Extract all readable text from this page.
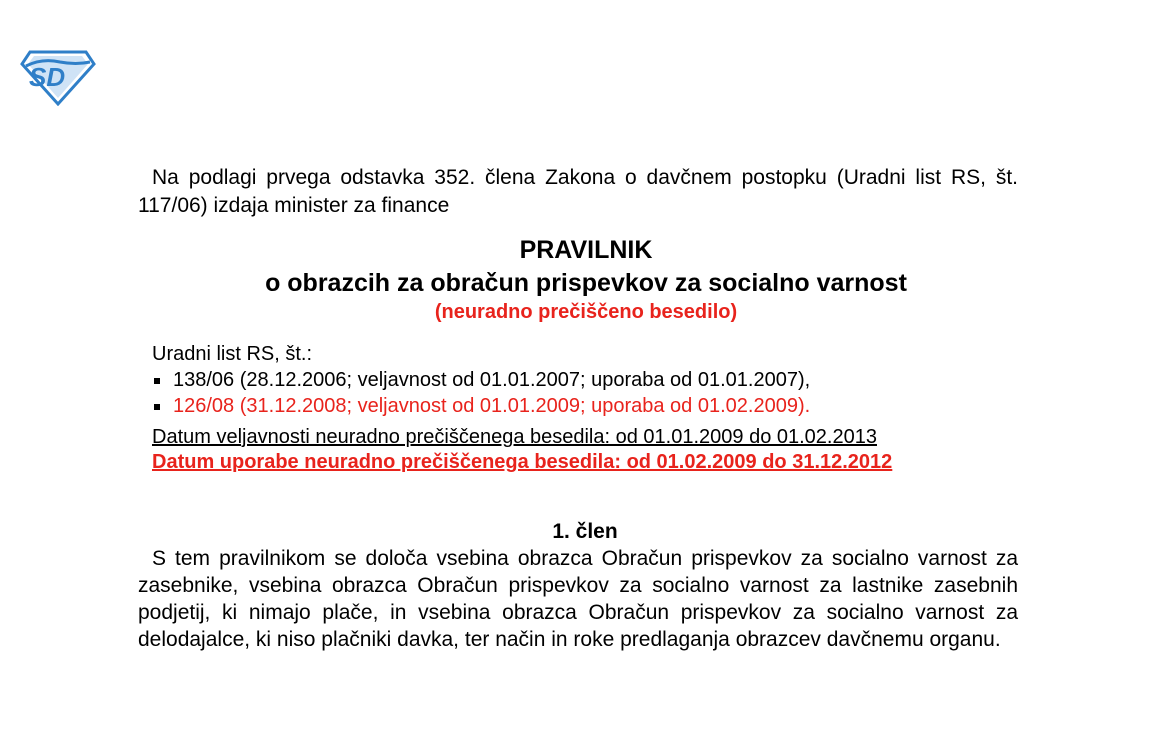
SD

Na podlagi prvega odstavka 352. člena Zakona o davčnem postopku (Uradni list RS, št. 117/06) izdaja minister za finance

PRAVILNIK

o obrazcih za obračun prispevkov za socialno varnost

(neuradno prečiščeno besedilo)

Uradni list RS, št.:
138/06 (28.12.2006; veljavnost od 01.01.2007; uporaba od 01.01.2007),
126/08 (31.12.2008; veljavnost od 01.01.2009; uporaba od 01.02.2009).
Datum veljavnosti neuradno prečiščenega besedila: od 01.01.2009 do 01.02.2013
Datum uporabe neuradno prečiščenega besedila: od 01.02.2009 do 31.12.2012
1. člen

S tem pravilnikom se določa vsebina obrazca Obračun prispevkov za socialno varnost za zasebnike, vsebina obrazca Obračun prispevkov za socialno varnost za lastnike zasebnih podjetij, ki nimajo plače, in vsebina obrazca Obračun prispevkov za socialno varnost za delodajalce, ki niso plačniki davka, ter način in roke predlaganja obrazcev davčnemu organu.
